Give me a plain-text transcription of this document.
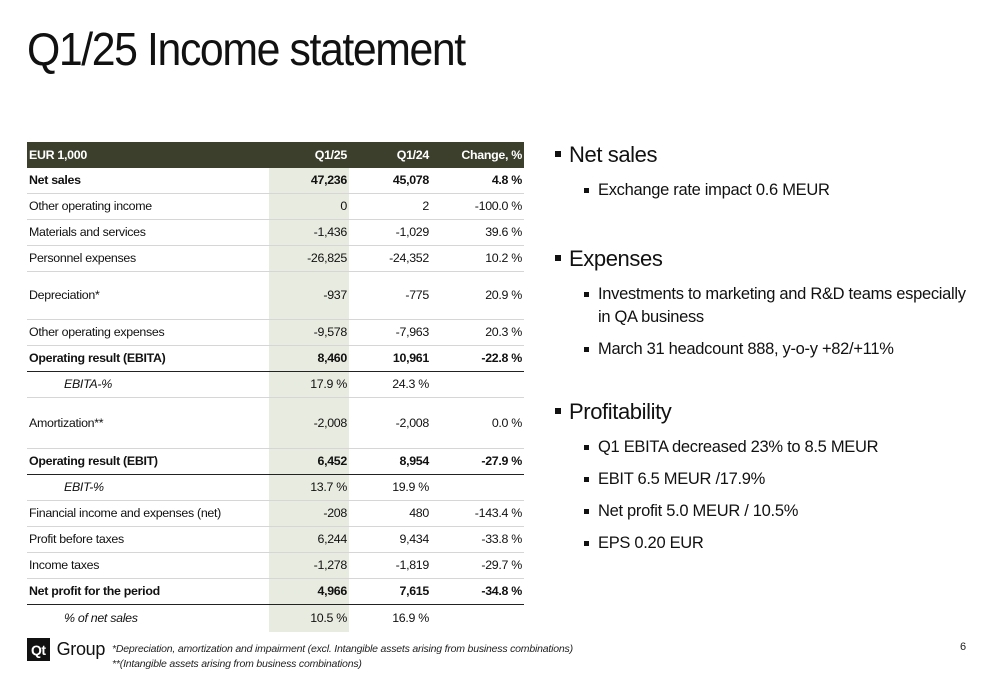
Q1/25 Income statement
EUR 1,000	Q1/25	Q1/24	Change, %
Net sales	47,236	45,078	4.8 %
Other operating income	0	2	-100.0 %
Materials and services	-1,436	-1,029	39.6 %
Personnel expenses	-26,825	-24,352	10.2 %
Depreciation*	-937	-775	20.9 %
Other operating expenses	-9,578	-7,963	20.3 %
Operating result (EBITA)	8,460	10,961	-22.8 %
EBITA-%	17.9 %	24.3 %	
Amortization**	-2,008	-2,008	0.0 %
Operating result (EBIT)	6,452	8,954	-27.9 %
EBIT-%	13.7 %	19.9 %	
Financial income and expenses (net)	-208	480	-143.4 %
Profit before taxes	6,244	9,434	-33.8 %
Income taxes	-1,278	-1,819	-29.7 %
Net profit for the period	4,966	7,615	-34.8 %
% of net sales	10.5 %	16.9 %	
Net sales
Exchange rate impact 0.6 MEUR
Expenses
Investments to marketing and R&D teams especially in QA business
March 31 headcount 888, y-o-y +82/+11%
Profitability
Q1 EBITA decreased 23% to 8.5 MEUR
EBIT 6.5 MEUR /17.9%
Net profit 5.0 MEUR / 10.5%
EPS 0.20 EUR
Qt Group *Depreciation, amortization and impairment (excl. Intangible assets arising from business combinations)
**(Intangible assets arising from business combinations)
6
